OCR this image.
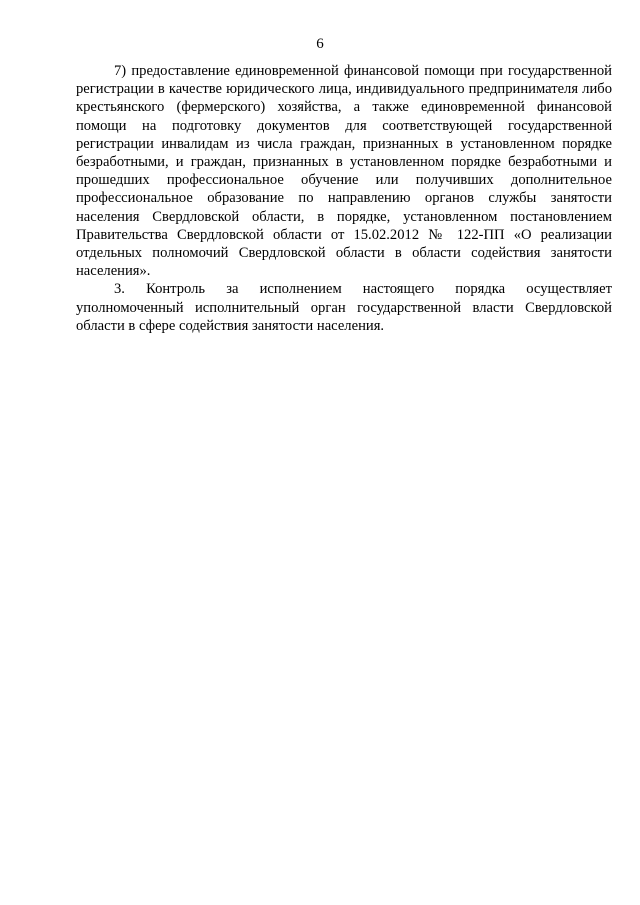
6

7) предоставление единовременной финансовой помощи при государственной регистрации в качестве юридического лица, индивидуального предпринимателя либо крестьянского (фермерского) хозяйства, а также единовременной финансовой помощи на подготовку документов для соответствующей государственной регистрации инвалидам из числа граждан, признанных в установленном порядке безработными, и граждан, признанных в установленном порядке безработными и прошедших профессиональное обучение или получивших дополнительное профессиональное образование по направлению органов службы занятости населения Свердловской области, в порядке, установленном постановлением Правительства Свердловской области от 15.02.2012 № 122-ПП «О реализации отдельных полномочий Свердловской области в области содействия занятости населения».

3. Контроль за исполнением настоящего порядка осуществляет уполномоченный исполнительный орган государственной власти Свердловской области в сфере содействия занятости населения.
